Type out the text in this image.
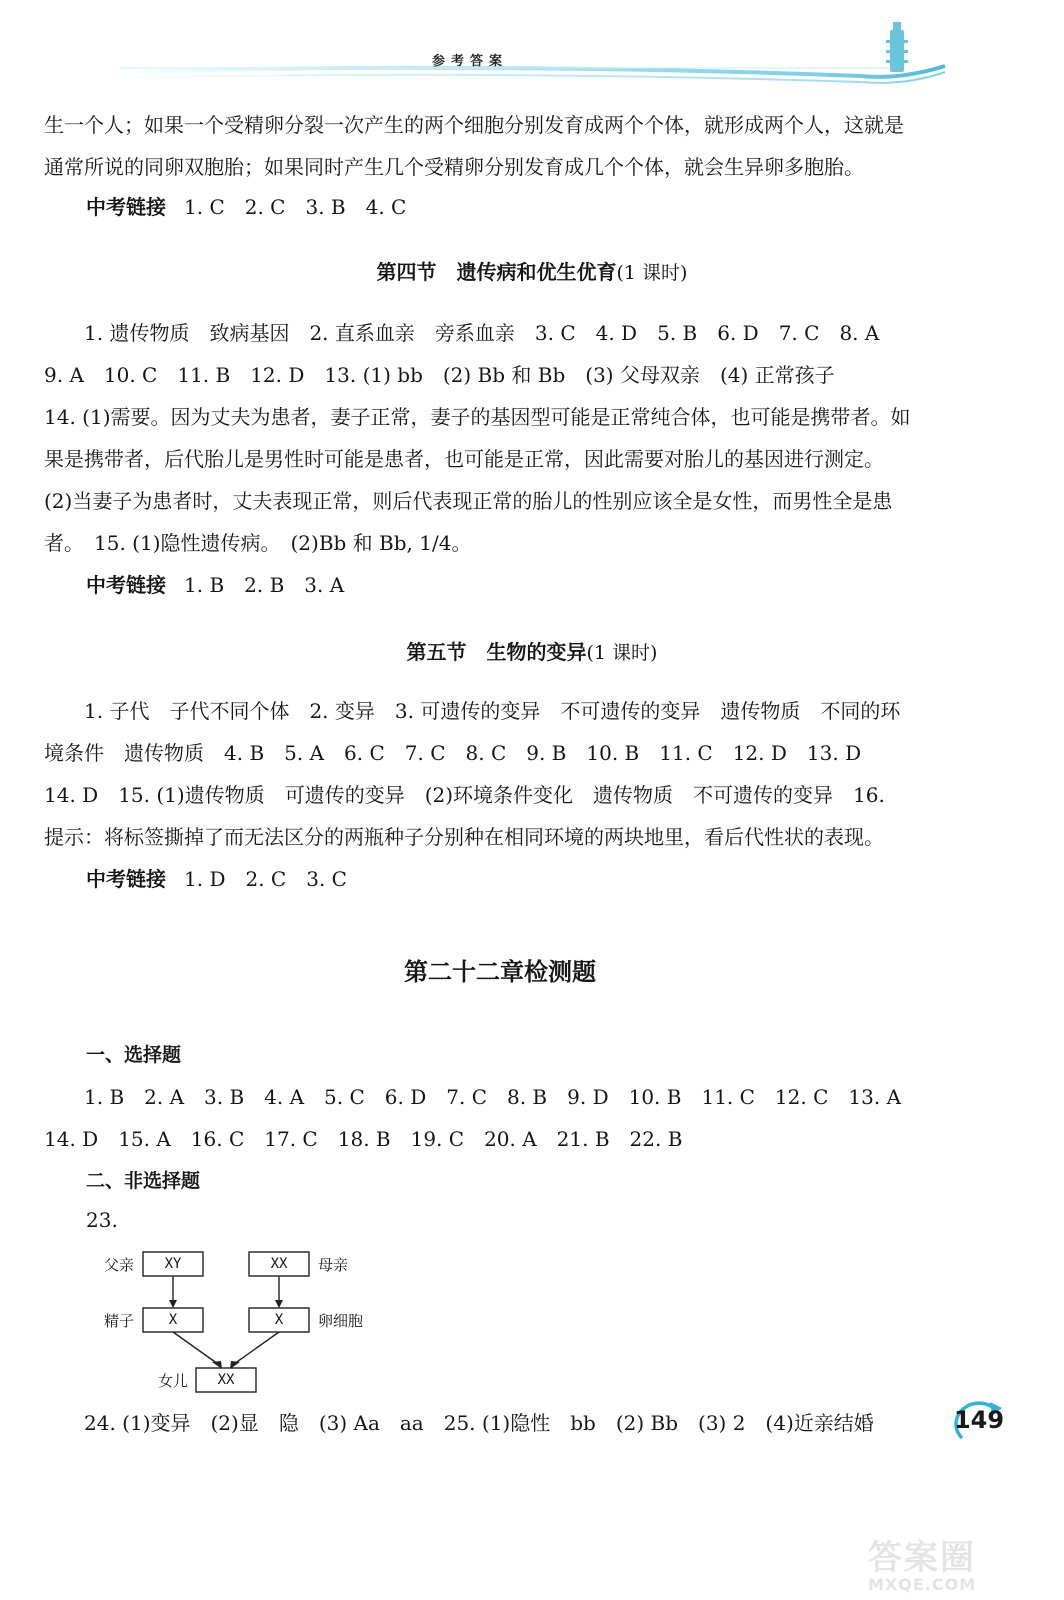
参考答案
生一个人；如果一个受精卵分裂一次产生的两个细胞分别发育成两个个体，就形成两个人，这就是
通常所说的同卵双胞胎；如果同时产生几个受精卵分别发育成几个个体，就会生异卵多胞胎。
中考链接 1. C　2. C　3. B　4. C
第四节　遗传病和优生优育(1 课时)
1. 遗传物质　致病基因　2. 直系血亲　旁系血亲　3. C　4. D　5. B　6. D　7. C　8. A
9. A　10. C　11. B　12. D　13. (1) bb　(2) Bb 和 Bb　(3) 父母双亲　(4) 正常孩子
14. (1)需要。因为丈夫为患者，妻子正常，妻子的基因型可能是正常纯合体，也可能是携带者。如
果是携带者，后代胎儿是男性时可能是患者，也可能是正常，因此需要对胎儿的基因进行测定。
(2)当妻子为患者时，丈夫表现正常，则后代表现正常的胎儿的性别应该全是女性，而男性全是患
者。　15. (1)隐性遗传病。　(2)Bb 和 Bb, 1/4。
中考链接 1. B　2. B　3. A
第五节　生物的变异(1 课时)
1. 子代　子代不同个体　2. 变异　3. 可遗传的变异　不可遗传的变异　遗传物质　不同的环
境条件　遗传物质　4. B　5. A　6. C　7. C　8. C　9. B　10. B　11. C　12. D　13. D
14. D　15. (1)遗传物质　可遗传的变异　(2)环境条件变化　遗传物质　不可遗传的变异　16.
提示：将标签撕掉了而无法区分的两瓶种子分别种在相同环境的两块地里，看后代性状的表现。
中考链接 1. D　2. C　3. C
第二十二章检测题
一、选择题
1. B　2. A　3. B　4. A　5. C　6. D　7. C　8. B　9. D　10. B　11. C　12. C　13. A
14. D　15. A　16. C　17. C　18. B　19. C　20. A　21. B　22. B
二、非选择题
23.
父亲	XY	XX	母亲
精子	X	X	卵细胞
女儿	XX
24. (1)变异　(2)显　隐　(3) Aa　aa　25. (1)隐性　bb　(2) Bb　(3) 2　(4)近亲结婚	149
答案圈
MXQE.COM
